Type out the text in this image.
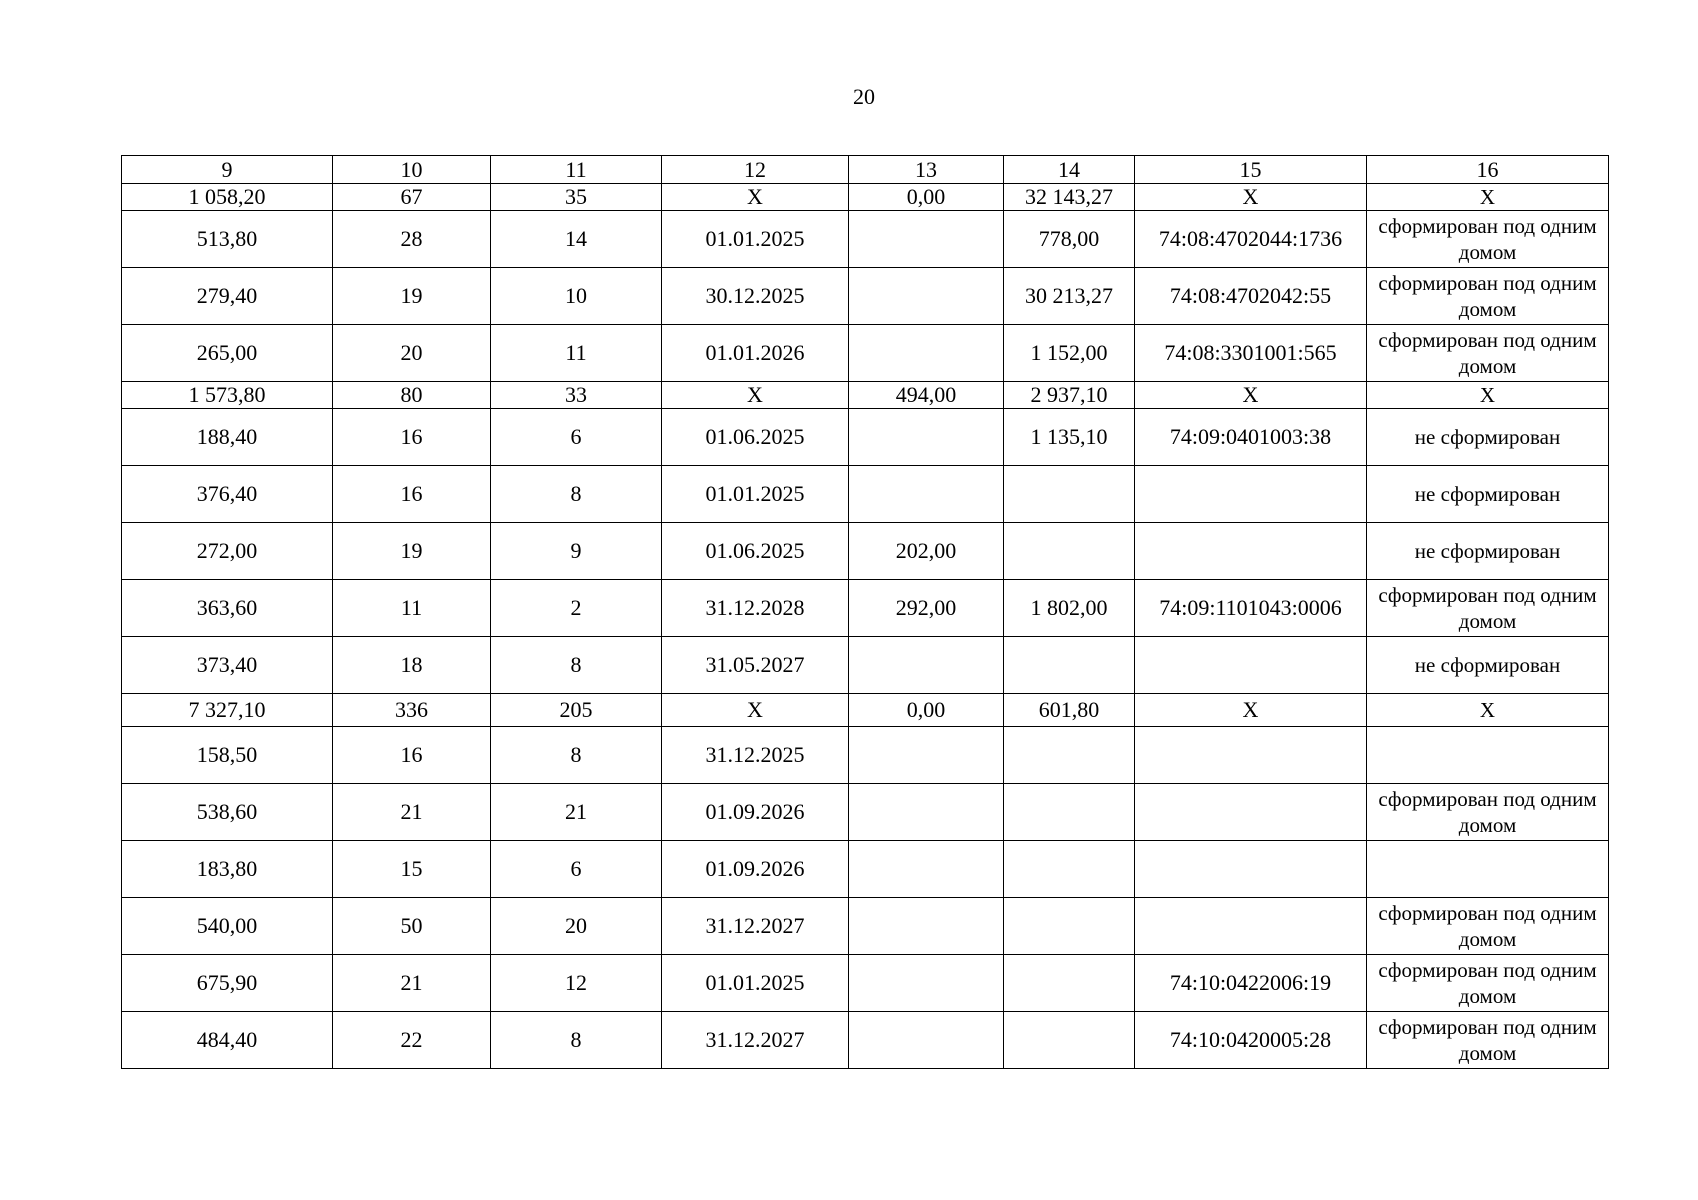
20
9	10	11	12	13	14	15	16
1 058,20	67	35	X	0,00	32 143,27	X	X
513,80	28	14	01.01.2025		778,00	74:08:4702044:1736	сформирован под одним домом
279,40	19	10	30.12.2025		30 213,27	74:08:4702042:55	сформирован под одним домом
265,00	20	11	01.01.2026		1 152,00	74:08:3301001:565	сформирован под одним домом
1 573,80	80	33	X	494,00	2 937,10	X	X
188,40	16	6	01.06.2025		1 135,10	74:09:0401003:38	не сформирован
376,40	16	8	01.01.2025				не сформирован
272,00	19	9	01.06.2025	202,00			не сформирован
363,60	11	2	31.12.2028	292,00	1 802,00	74:09:1101043:0006	сформирован под одним домом
373,40	18	8	31.05.2027				не сформирован
7 327,10	336	205	X	0,00	601,80	X	X
158,50	16	8	31.12.2025				
538,60	21	21	01.09.2026				сформирован под одним домом
183,80	15	6	01.09.2026				
540,00	50	20	31.12.2027				сформирован под одним домом
675,90	21	12	01.01.2025			74:10:0422006:19	сформирован под одним домом
484,40	22	8	31.12.2027			74:10:0420005:28	сформирован под одним домом
